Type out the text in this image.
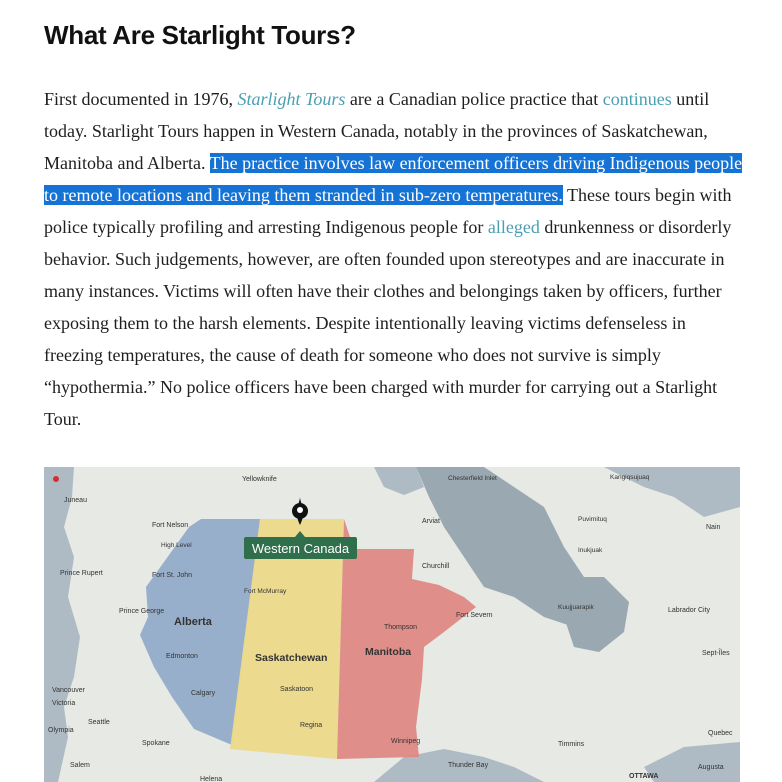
What Are Starlight Tours?

First documented in 1976, Starlight Tours are a Canadian police practice that continues until today. Starlight Tours happen in Western Canada, notably in the provinces of Saskatchewan, Manitoba and Alberta. The practice involves law enforcement officers driving Indigenous people to remote locations and leaving them stranded in sub-zero temperatures. These tours begin with police typically profiling and arresting Indigenous people for alleged drunkenness or disorderly behavior. Such judgements, however, are often founded upon stereotypes and are inaccurate in many instances. Victims will often have their clothes and belongings taken by officers, further exposing them to the harsh elements. Despite intentionally leaving victims defenseless in freezing temperatures, the cause of death for someone who does not survive is simply “hypothermia.” No police officers have been charged with murder for carrying out a Starlight Tour.

Western Canada
Alberta
Saskatchewan	Manitoba
Yellowknife
Juneau
Fort Nelson
High Level
Prince Rupert	Fort St. John
Fort McMurray
Prince George
Edmonton
Calgary
Saskatoon
Regina
Vancouver
Victoria
Olympia
Seattle
Spokane
Salem
Helena
Thompson
Churchill
Arviat
Chesterfield Inlet
Fort Severn
Winnipeg
Thunder Bay
Timmins
OTTAWA
Kangiqsujuaq
Puvirnituq
Inukjuak
Kuujjuarapik	Labrador City
Sept-Îles
Quebec
Augusta
Nain
